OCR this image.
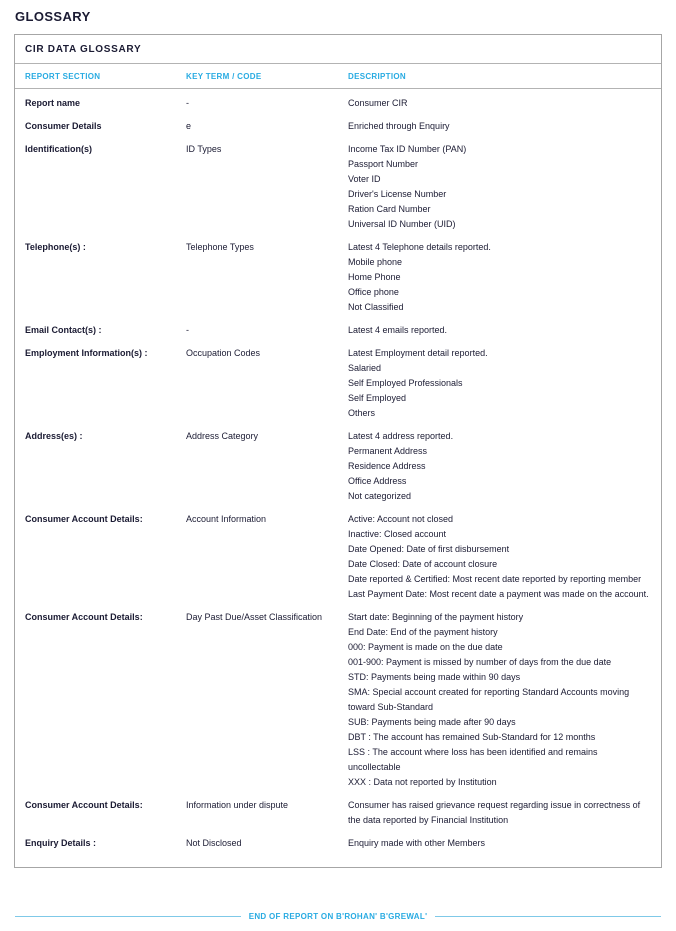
GLOSSARY
CIR DATA GLOSSARY
REPORT SECTION	KEY TERM / CODE	DESCRIPTION
Report name	-	Consumer CIR
Consumer Details	e	Enriched through Enquiry
Identification(s)	ID Types	Income Tax ID Number (PAN)
Passport Number
Voter ID
Driver's License Number
Ration Card Number
Universal ID Number (UID)
Telephone(s) :	Telephone Types	Latest 4 Telephone details reported.
Mobile phone
Home Phone
Office phone
Not Classified
Email Contact(s) :	-	Latest 4 emails reported.
Employment Information(s) :	Occupation Codes	Latest Employment detail reported.
Salaried
Self Employed Professionals
Self Employed
Others
Address(es) :	Address Category	Latest 4 address reported.
Permanent Address
Residence Address
Office Address
Not categorized
Consumer Account Details:	Account Information	Active: Account not closed
Inactive: Closed account
Date Opened: Date of first disbursement
Date Closed: Date of account closure
Date reported & Certified: Most recent date reported by reporting member
Last Payment Date: Most recent date a payment was made on the account.
Consumer Account Details:	Day Past Due/Asset Classification	Start date: Beginning of the payment history
End Date: End of the payment history
000: Payment is made on the due date
001-900: Payment is missed by number of days from the due date
STD: Payments being made within 90 days
SMA: Special account created for reporting Standard Accounts moving toward Sub-Standard
SUB: Payments being made after 90 days
DBT : The account has remained Sub-Standard for 12 months
LSS : The account where loss has been identified and remains uncollectable
XXX : Data not reported by Institution
Consumer Account Details:	Information under dispute	Consumer has raised grievance request regarding issue in correctness of the data reported by Financial Institution
Enquiry Details :	Not Disclosed	Enquiry made with other Members
END OF REPORT ON B'ROHAN' B'GREWAL'
